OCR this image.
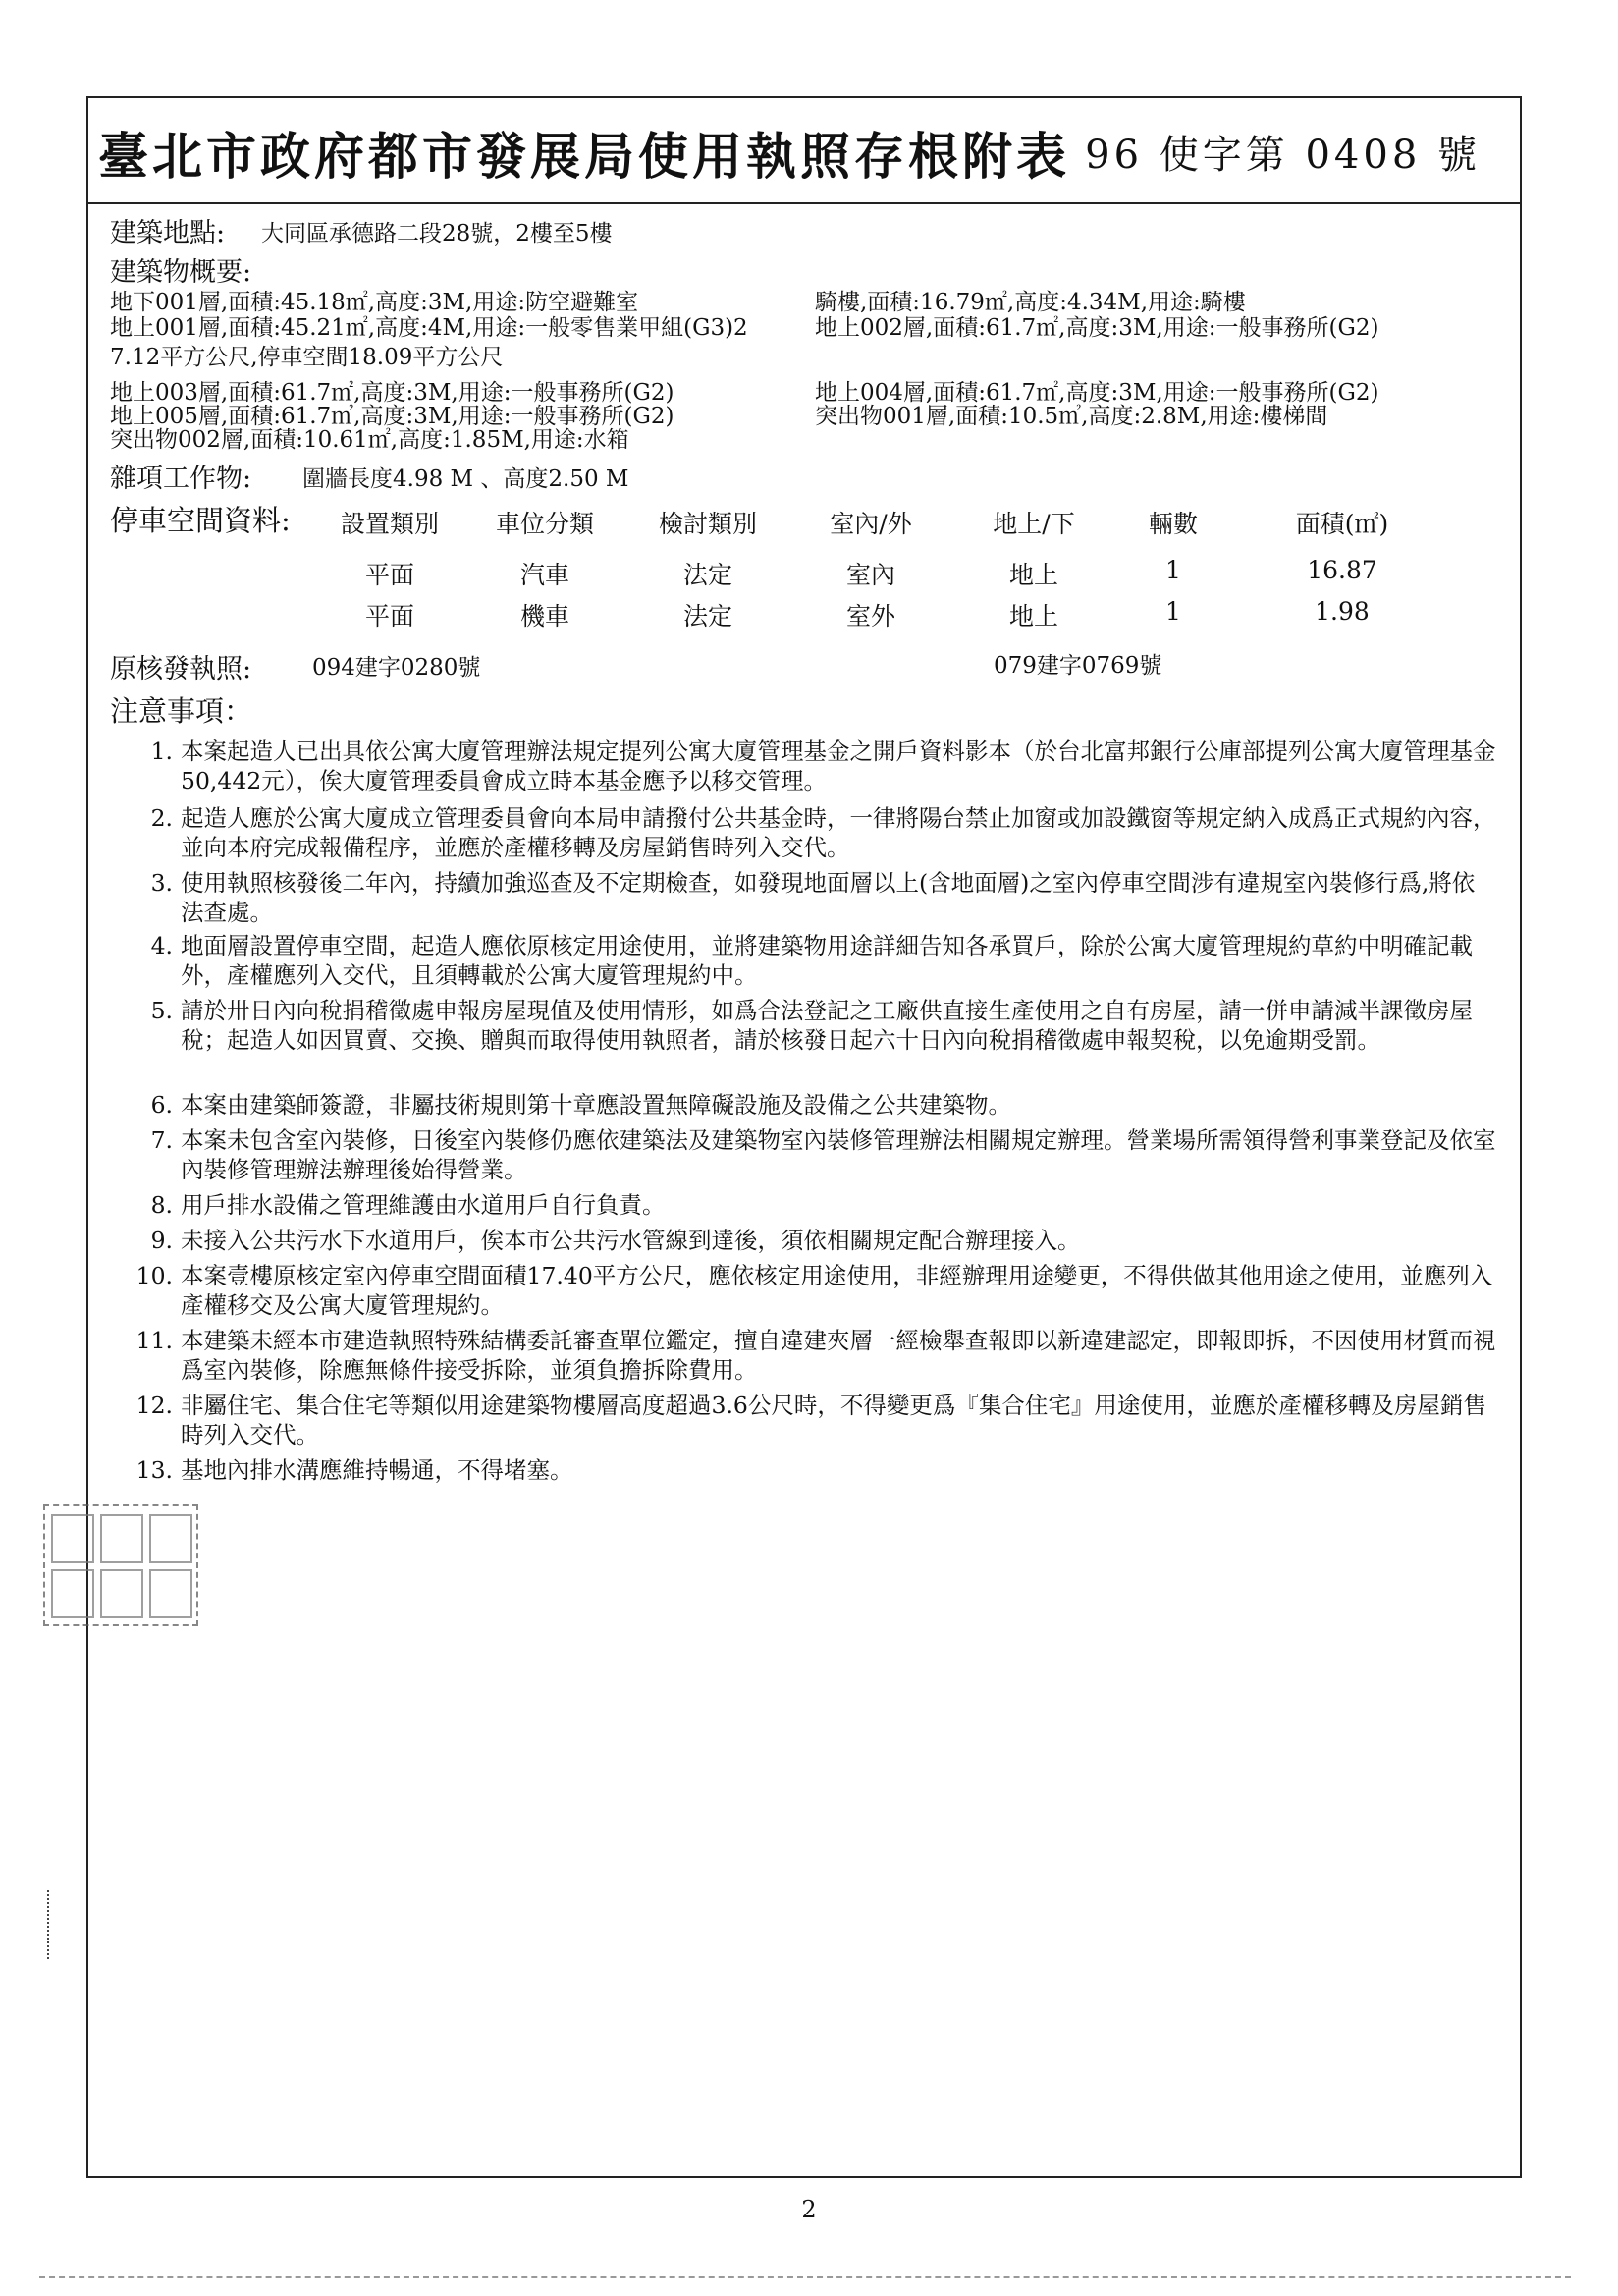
臺北市政府都市發展局使用執照存根附表 96 使字第 0408 號
建築地點: 大同區承德路二段28號，2樓至5樓
建築物概要:
地下001層,面積:45.18㎡,高度:3M,用途:防空避難室	騎樓,面積:16.79㎡,高度:4.34M,用途:騎樓
地上001層,面積:45.21㎡,高度:4M,用途:一般零售業甲組(G3)2	地上002層,面積:61.7㎡,高度:3M,用途:一般事務所(G2)
7.12平方公尺,停車空間18.09平方公尺
地上003層,面積:61.7㎡,高度:3M,用途:一般事務所(G2)	地上004層,面積:61.7㎡,高度:3M,用途:一般事務所(G2)
地上005層,面積:61.7㎡,高度:3M,用途:一般事務所(G2)	突出物001層,面積:10.5㎡,高度:2.8M,用途:樓梯間
突出物002層,面積:10.61㎡,高度:1.85M,用途:水箱
雜項工作物: 圍牆長度4.98 M 、高度2.50 M
停車空間資料:	設置類別	車位分類	檢討類別	室內/外	地上/下	輛數	面積(㎡)
平面	汽車	法定	室內	地上	1	16.87
平面	機車	法定	室外	地上	1	1.98
原核發執照:	094建字0280號	079建字0769號
注意事項：
1. 本案起造人已出具依公寓大廈管理辦法規定提列公寓大廈管理基金之開戶資料影本（於台北富邦銀行公庫部提列公寓大廈管理基金50,442元），俟大廈管理委員會成立時本基金應予以移交管理。
2. 起造人應於公寓大廈成立管理委員會向本局申請撥付公共基金時，一律將陽台禁止加窗或加設鐵窗等規定納入成爲正式規約內容，並向本府完成報備程序，並應於產權移轉及房屋銷售時列入交代。
3. 使用執照核發後二年內，持續加強巡查及不定期檢查，如發現地面層以上(含地面層)之室內停車空間涉有違規室內裝修行爲,將依法查處。
4. 地面層設置停車空間，起造人應依原核定用途使用，並將建築物用途詳細告知各承買戶，除於公寓大廈管理規約草約中明確記載外，產權應列入交代，且須轉載於公寓大廈管理規約中。
5. 請於卅日內向稅捐稽徵處申報房屋現值及使用情形，如爲合法登記之工廠供直接生產使用之自有房屋，請一併申請減半課徵房屋稅；起造人如因買賣、交換、贈與而取得使用執照者，請於核發日起六十日內向稅捐稽徵處申報契稅，以免逾期受罰。
6. 本案由建築師簽證，非屬技術規則第十章應設置無障礙設施及設備之公共建築物。
7. 本案未包含室內裝修，日後室內裝修仍應依建築法及建築物室內裝修管理辦法相關規定辦理。營業場所需領得營利事業登記及依室內裝修管理辦法辦理後始得營業。
8. 用戶排水設備之管理維護由水道用戶自行負責。
9. 未接入公共污水下水道用戶，俟本市公共污水管線到達後，須依相關規定配合辦理接入。
10. 本案壹樓原核定室內停車空間面積17.40平方公尺，應依核定用途使用，非經辦理用途變更，不得供做其他用途之使用，並應列入產權移交及公寓大廈管理規約。
11. 本建築未經本市建造執照特殊結構委託審查單位鑑定，擅自違建夾層一經檢舉查報即以新違建認定，即報即拆，不因使用材質而視爲室內裝修，除應無條件接受拆除，並須負擔拆除費用。
12. 非屬住宅、集合住宅等類似用途建築物樓層高度超過3.6公尺時，不得變更爲『集合住宅』用途使用，並應於產權移轉及房屋銷售時列入交代。
13. 基地內排水溝應維持暢通，不得堵塞。
2
